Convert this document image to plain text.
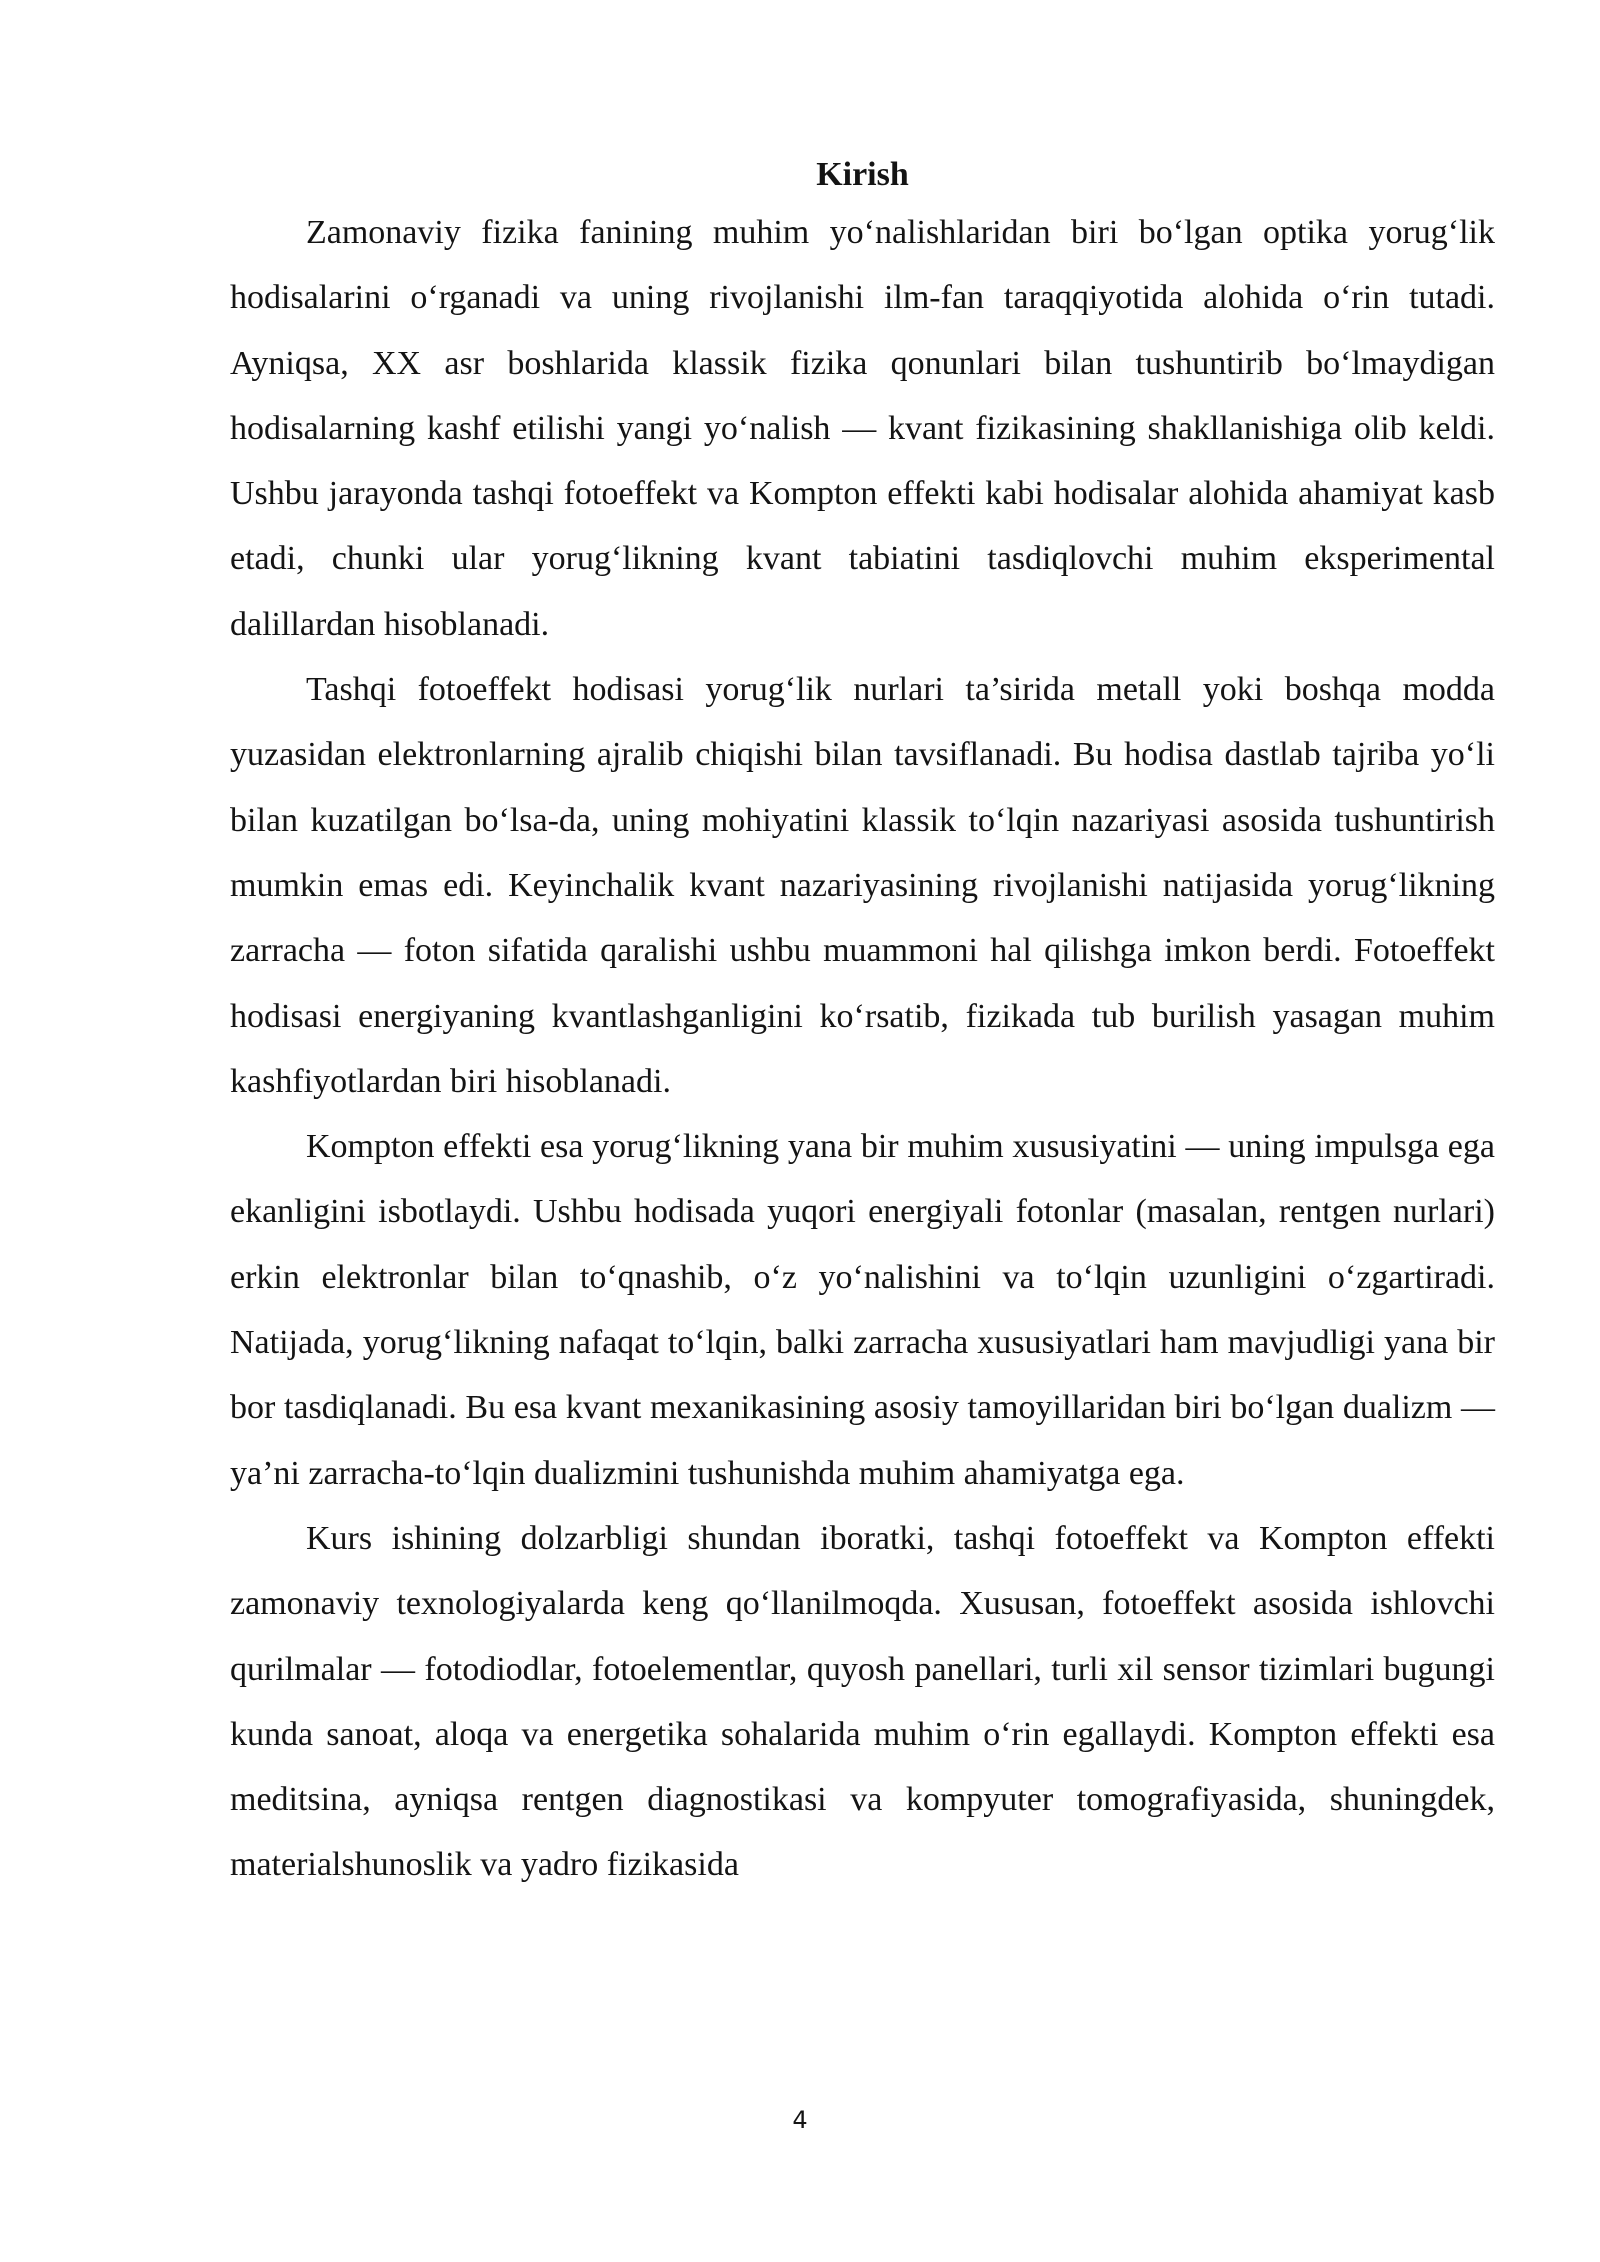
Kirish

Zamonaviy fizika fanining muhim yo‘nalishlaridan biri bo‘lgan optika yorug‘lik hodisalarini o‘rganadi va uning rivojlanishi ilm-fan taraqqiyotida alohida o‘rin tutadi. Ayniqsa, XX asr boshlarida klassik fizika qonunlari bilan tushuntirib bo‘lmaydigan hodisalarning kashf etilishi yangi yo‘nalish — kvant fizikasining shakllanishiga olib keldi. Ushbu jarayonda tashqi fotoeffekt va Kompton effekti kabi hodisalar alohida ahamiyat kasb etadi, chunki ular yorug‘likning kvant tabiatini tasdiqlovchi muhim eksperimental dalillardan hisoblanadi.

Tashqi fotoeffekt hodisasi yorug‘lik nurlari ta’sirida metall yoki boshqa modda yuzasidan elektronlarning ajralib chiqishi bilan tavsiflanadi. Bu hodisa dastlab tajriba yo‘li bilan kuzatilgan bo‘lsa-da, uning mohiyatini klassik to‘lqin nazariyasi asosida tushuntirish mumkin emas edi. Keyinchalik kvant nazariyasining rivojlanishi natijasida yorug‘likning zarracha — foton sifatida qaralishi ushbu muammoni hal qilishga imkon berdi. Fotoeffekt hodisasi energiyaning kvantlashganligini ko‘rsatib, fizikada tub burilish yasagan muhim kashfiyotlardan biri hisoblanadi.

Kompton effekti esa yorug‘likning yana bir muhim xususiyatini — uning impulsga ega ekanligini isbotlaydi. Ushbu hodisada yuqori energiyali fotonlar (masalan, rentgen nurlari) erkin elektronlar bilan to‘qnashib, o‘z yo‘nalishini va to‘lqin uzunligini o‘zgartiradi. Natijada, yorug‘likning nafaqat to‘lqin, balki zarracha xususiyatlari ham mavjudligi yana bir bor tasdiqlanadi. Bu esa kvant mexanikasining asosiy tamoyillaridan biri bo‘lgan dualizm — ya’ni zarracha-to‘lqin dualizmini tushunishda muhim ahamiyatga ega.

Kurs ishining dolzarbligi shundan iboratki, tashqi fotoeffekt va Kompton effekti zamonaviy texnologiyalarda keng qo‘llanilmoqda. Xususan, fotoeffekt asosida ishlovchi qurilmalar — fotodiodlar, fotoelementlar, quyosh panellari, turli xil sensor tizimlari bugungi kunda sanoat, aloqa va energetika sohalarida muhim o‘rin egallaydi. Kompton effekti esa meditsina, ayniqsa rentgen diagnostikasi va kompyuter tomografiyasida, shuningdek, materialshunoslik va yadro fizikasida

4
